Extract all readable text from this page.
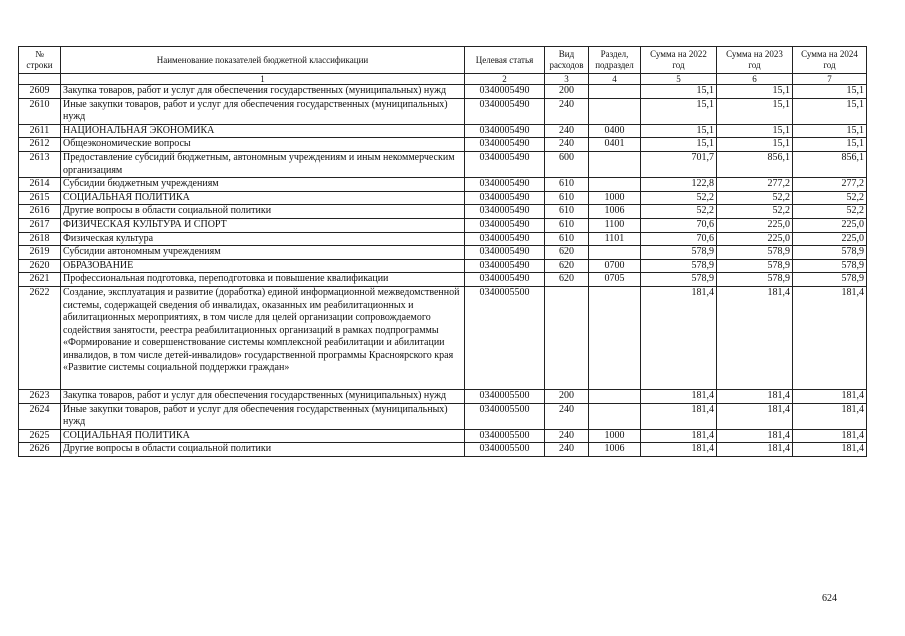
№ строки	Наименование показателей бюджетной классификации	Целевая статья	Вид расходов	Раздел, подраздел	Сумма на 2022 год	Сумма на 2023 год	Сумма на 2024 год
	1	2	3	4	5	6	7
2609	Закупка товаров, работ и услуг для обеспечения государственных (муниципальных) нужд	0340005490	200		15,1	15,1	15,1
2610	Иные закупки товаров, работ и услуг для обеспечения государственных (муниципальных) нужд	0340005490	240		15,1	15,1	15,1
2611	НАЦИОНАЛЬНАЯ ЭКОНОМИКА	0340005490	240	0400	15,1	15,1	15,1
2612	Общеэкономические вопросы	0340005490	240	0401	15,1	15,1	15,1
2613	Предоставление субсидий бюджетным, автономным учреждениям и иным некоммерческим организациям	0340005490	600		701,7	856,1	856,1
2614	Субсидии бюджетным учреждениям	0340005490	610		122,8	277,2	277,2
2615	СОЦИАЛЬНАЯ ПОЛИТИКА	0340005490	610	1000	52,2	52,2	52,2
2616	Другие вопросы в области социальной политики	0340005490	610	1006	52,2	52,2	52,2
2617	ФИЗИЧЕСКАЯ КУЛЬТУРА И СПОРТ	0340005490	610	1100	70,6	225,0	225,0
2618	Физическая культура	0340005490	610	1101	70,6	225,0	225,0
2619	Субсидии автономным учреждениям	0340005490	620		578,9	578,9	578,9
2620	ОБРАЗОВАНИЕ	0340005490	620	0700	578,9	578,9	578,9
2621	Профессиональная подготовка, переподготовка и повышение квалификации	0340005490	620	0705	578,9	578,9	578,9
2622	Создание, эксплуатация и развитие (доработка) единой информационной межведомственной системы, содержащей сведения об инвалидах, оказанных им реабилитационных и абилитационных мероприятиях, в том числе для целей организации сопровождаемого содействия занятости, реестра реабилитационных организаций в рамках подпрограммы «Формирование и совершенствование системы комплексной реабилитации и абилитации инвалидов, в том числе детей-инвалидов» государственной программы Красноярского края «Развитие системы социальной поддержки граждан»	0340005500			181,4	181,4	181,4
2623	Закупка товаров, работ и услуг для обеспечения государственных (муниципальных) нужд	0340005500	200		181,4	181,4	181,4
2624	Иные закупки товаров, работ и услуг для обеспечения государственных (муниципальных) нужд	0340005500	240		181,4	181,4	181,4
2625	СОЦИАЛЬНАЯ ПОЛИТИКА	0340005500	240	1000	181,4	181,4	181,4
2626	Другие вопросы в области социальной политики	0340005500	240	1006	181,4	181,4	181,4
624
